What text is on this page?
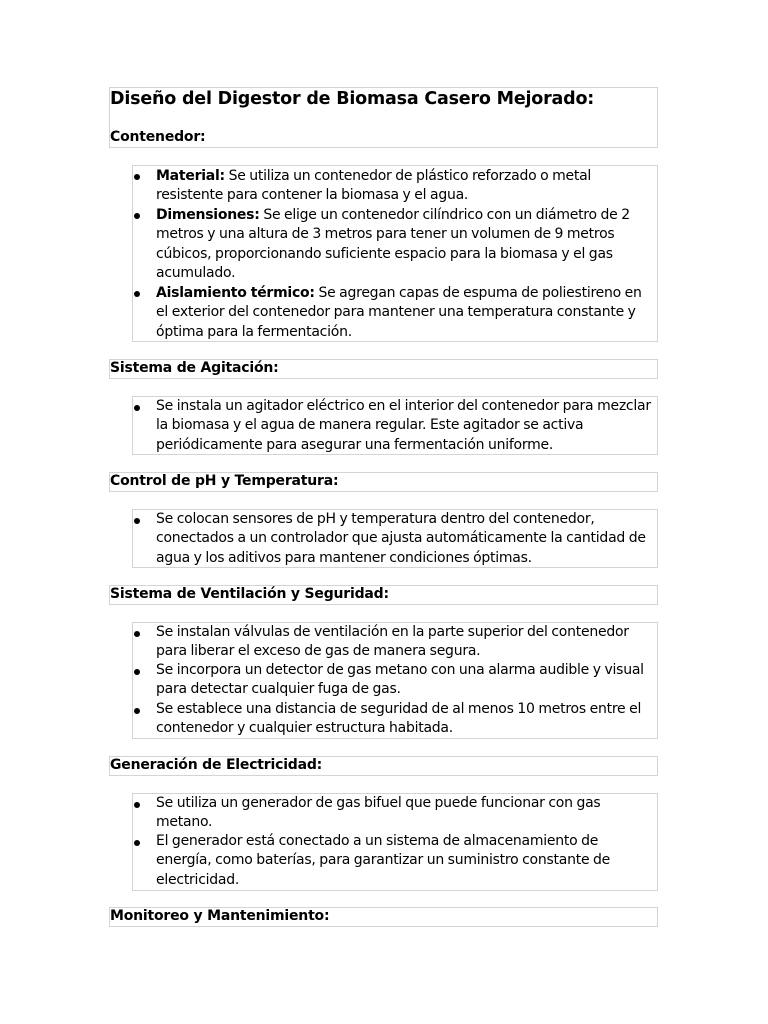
Diseño del Digestor de Biomasa Casero Mejorado:
Contenedor:
Material: Se utiliza un contenedor de plástico reforzado o metal resistente para contener la biomasa y el agua.
Dimensiones: Se elige un contenedor cilíndrico con un diámetro de 2 metros y una altura de 3 metros para tener un volumen de 9 metros cúbicos, proporcionando suficiente espacio para la biomasa y el gas acumulado.
Aislamiento térmico: Se agregan capas de espuma de poliestireno en el exterior del contenedor para mantener una temperatura constante y óptima para la fermentación.
Sistema de Agitación:
Se instala un agitador eléctrico en el interior del contenedor para mezclar la biomasa y el agua de manera regular. Este agitador se activa periódicamente para asegurar una fermentación uniforme.
Control de pH y Temperatura:
Se colocan sensores de pH y temperatura dentro del contenedor, conectados a un controlador que ajusta automáticamente la cantidad de agua y los aditivos para mantener condiciones óptimas.
Sistema de Ventilación y Seguridad:
Se instalan válvulas de ventilación en la parte superior del contenedor para liberar el exceso de gas de manera segura.
Se incorpora un detector de gas metano con una alarma audible y visual para detectar cualquier fuga de gas.
Se establece una distancia de seguridad de al menos 10 metros entre el contenedor y cualquier estructura habitada.
Generación de Electricidad:
Se utiliza un generador de gas bifuel que puede funcionar con gas metano.
El generador está conectado a un sistema de almacenamiento de energía, como baterías, para garantizar un suministro constante de electricidad.
Monitoreo y Mantenimiento:
